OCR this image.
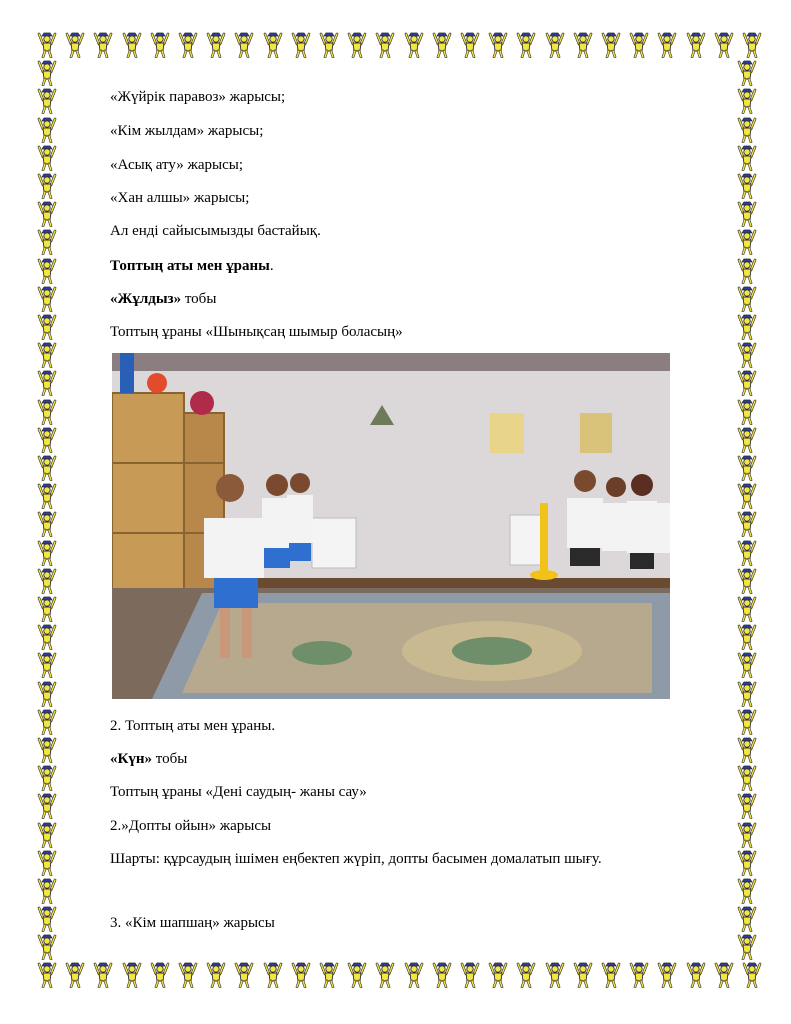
«Жүйрік паравоз» жарысы;
«Кім жылдам» жарысы;
«Асық ату» жарысы;
«Хан алшы» жарысы;
Ал енді сайысымызды бастайық.
Топтың аты мен ұраны.
«Жұлдыз» тобы
Топтың ұраны «Шынықсаң шымыр боласың»
2. Топтың аты мен ұраны.
«Күн» тобы
Топтың ұраны «Дені саудың- жаны сау»
2.»Допты ойын» жарысы
Шарты: құрсаудың ішімен еңбектеп жүріп, допты басымен домалатып шығу.
3. «Кім шапшаң» жарысы
